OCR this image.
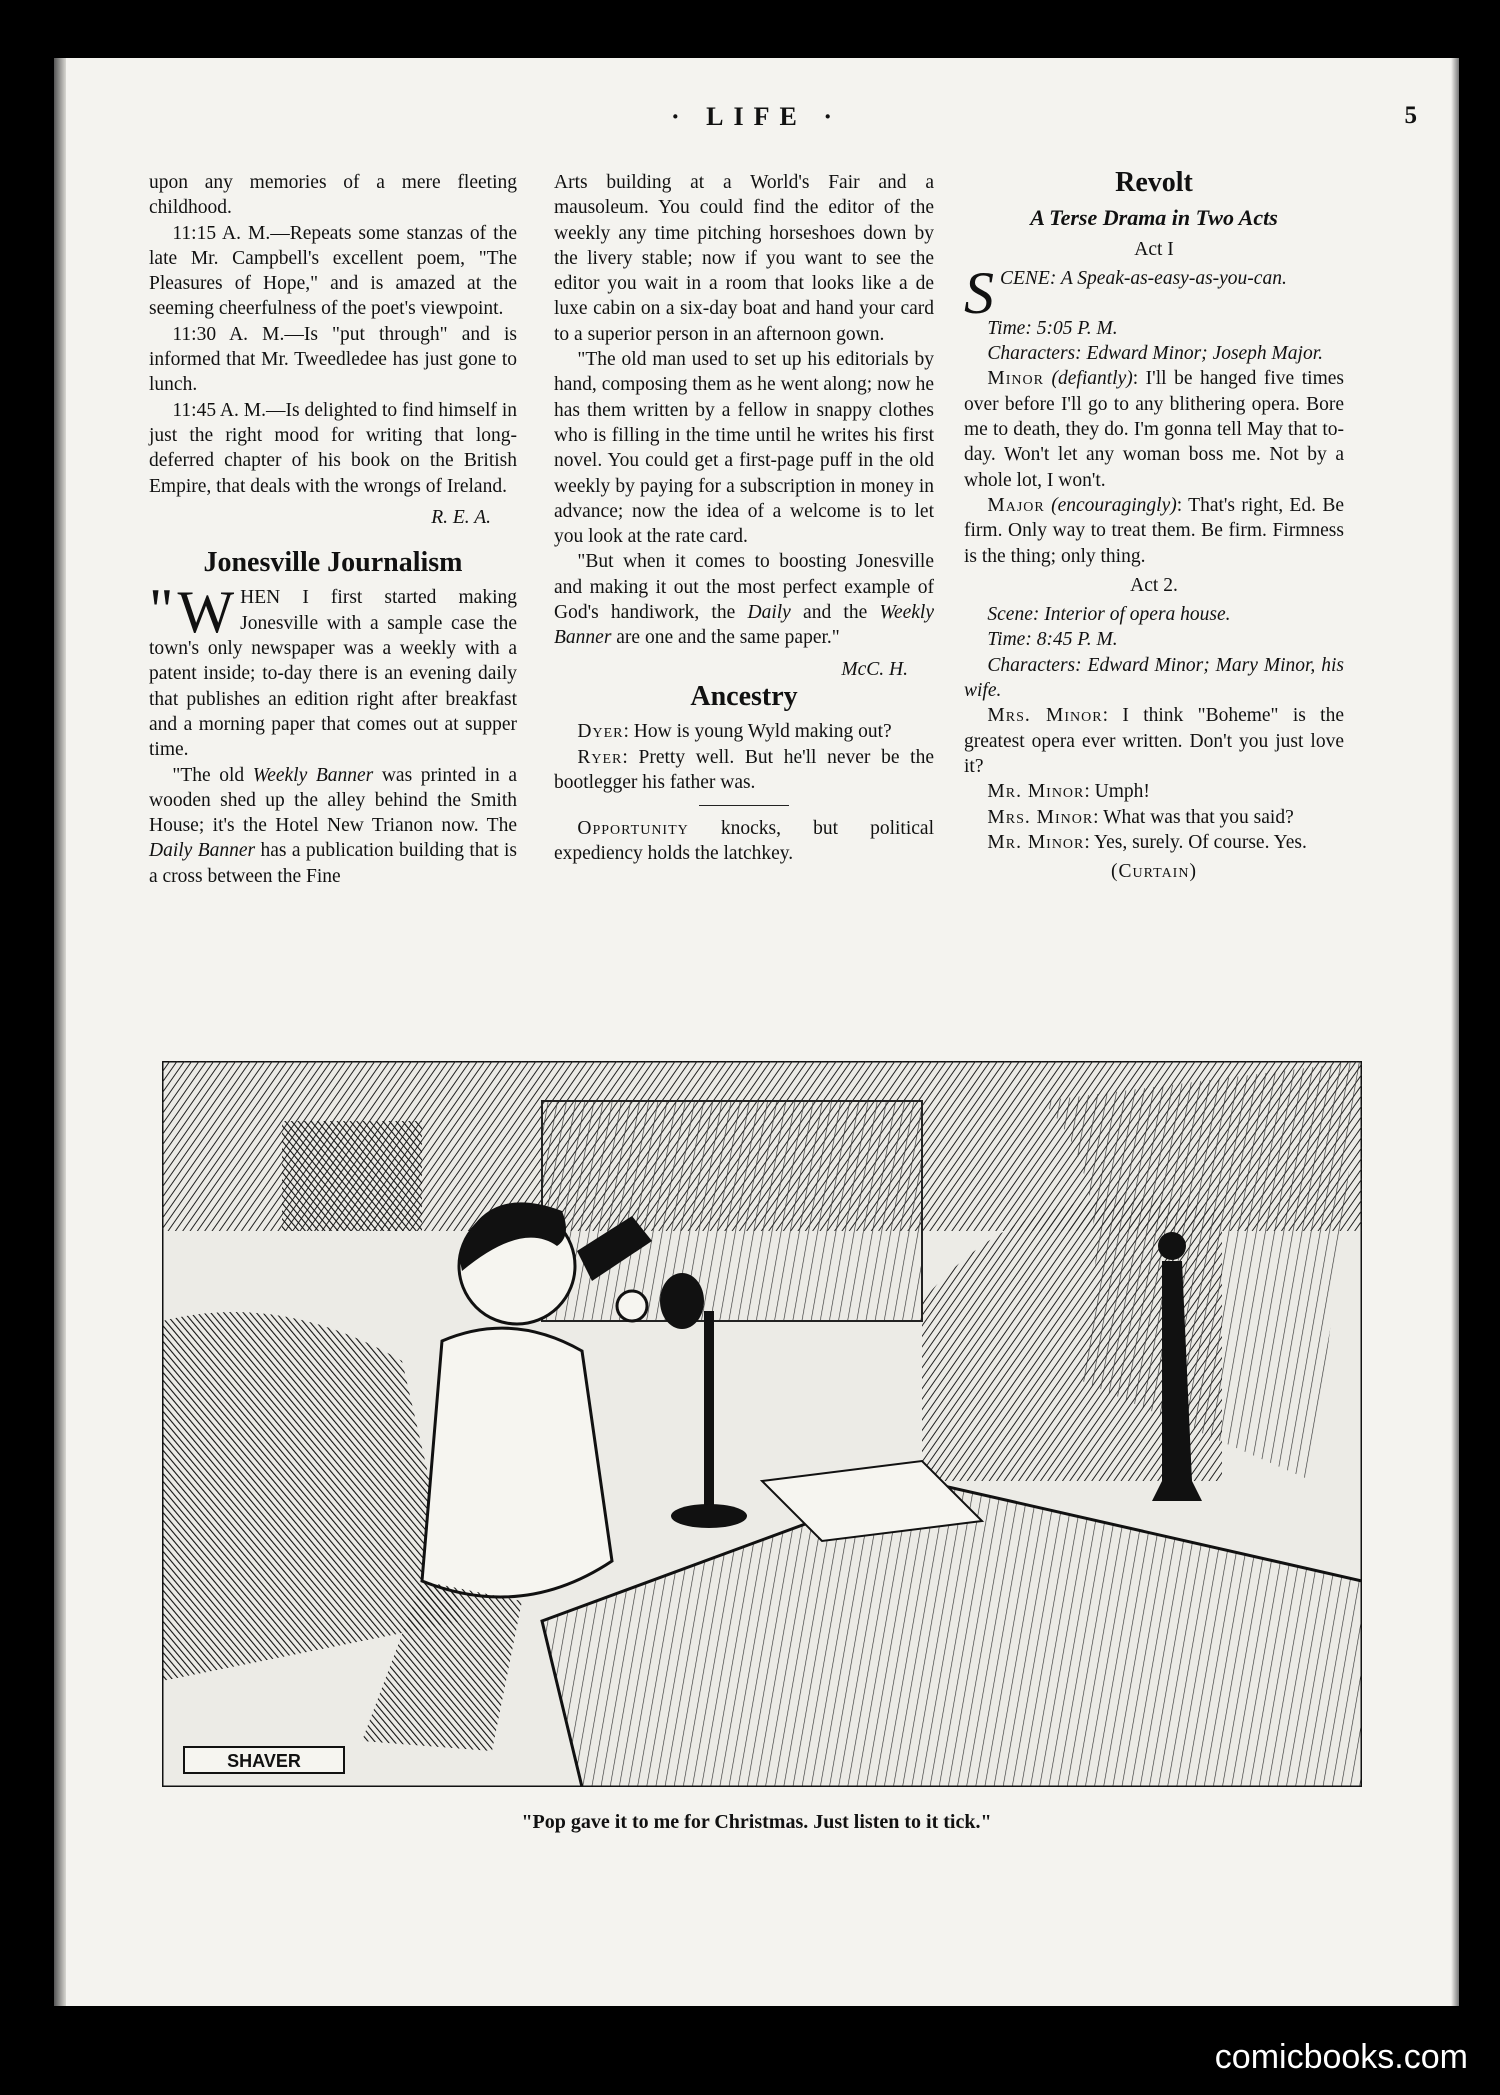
· LIFE ·	5

upon any memories of a mere fleeting childhood.

11:15 A. M.—Repeats some stanzas of the late Mr. Campbell's excellent poem, "The Pleasures of Hope," and is amazed at the seeming cheerfulness of the poet's viewpoint.

11:30 A. M.—Is "put through" and is informed that Mr. Tweedledee has just gone to lunch.

11:45 A. M.—Is delighted to find himself in just the right mood for writing that long-deferred chapter of his book on the British Empire, that deals with the wrongs of Ireland.

R. E. A.

Jonesville Journalism

" W HEN I first started making Jonesville with a sample case the town's only newspaper was a weekly with a patent inside; to-day there is an evening daily that publishes an edition right after breakfast and a morning paper that comes out at supper time.

"The old Weekly Banner was printed in a wooden shed up the alley behind the Smith House; it's the Hotel New Trianon now. The Daily Banner has a publication building that is a cross between the Fine

Arts building at a World's Fair and a mausoleum. You could find the editor of the weekly any time pitching horseshoes down by the livery stable; now if you want to see the editor you wait in a room that looks like a de luxe cabin on a six-day boat and hand your card to a superior person in an afternoon gown.

"The old man used to set up his editorials by hand, composing them as he went along; now he has them written by a fellow in snappy clothes who is filling in the time until he writes his first novel. You could get a first-page puff in the old weekly by paying for a subscription in money in advance; now the idea of a welcome is to let you look at the rate card.

"But when it comes to boosting Jonesville and making it out the most perfect example of God's handiwork, the Daily and the Weekly Banner are one and the same paper."

McC. H.

Ancestry

Dyer: How is young Wyld making out?

Ryer: Pretty well. But he'll never be the bootlegger his father was.

Opportunity knocks, but political expediency holds the latchkey.

Revolt

A Terse Drama in Two Acts

Act I

SCENE: A Speak-as-easy-as-you-can.

Time: 5:05 P. M.

Characters: Edward Minor; Joseph Major.

Minor (defiantly): I'll be hanged five times over before I'll go to any blithering opera. Bore me to death, they do. I'm gonna tell May that to-day. Won't let any woman boss me. Not by a whole lot, I won't.

Major (encouragingly): That's right, Ed. Be firm. Only way to treat them. Be firm. Firmness is the thing; only thing.

Act 2.

Scene: Interior of opera house.

Time: 8:45 P. M.

Characters: Edward Minor; Mary Minor, his wife.

Mrs. Minor: I think "Boheme" is the greatest opera ever written. Don't you just love it?

Mr. Minor: Umph!

Mrs. Minor: What was that you said?

Mr. Minor: Yes, surely. Of course. Yes.

(Curtain)

SHAVER
"Pop gave it to me for Christmas. Just listen to it tick."
comicbooks.com
